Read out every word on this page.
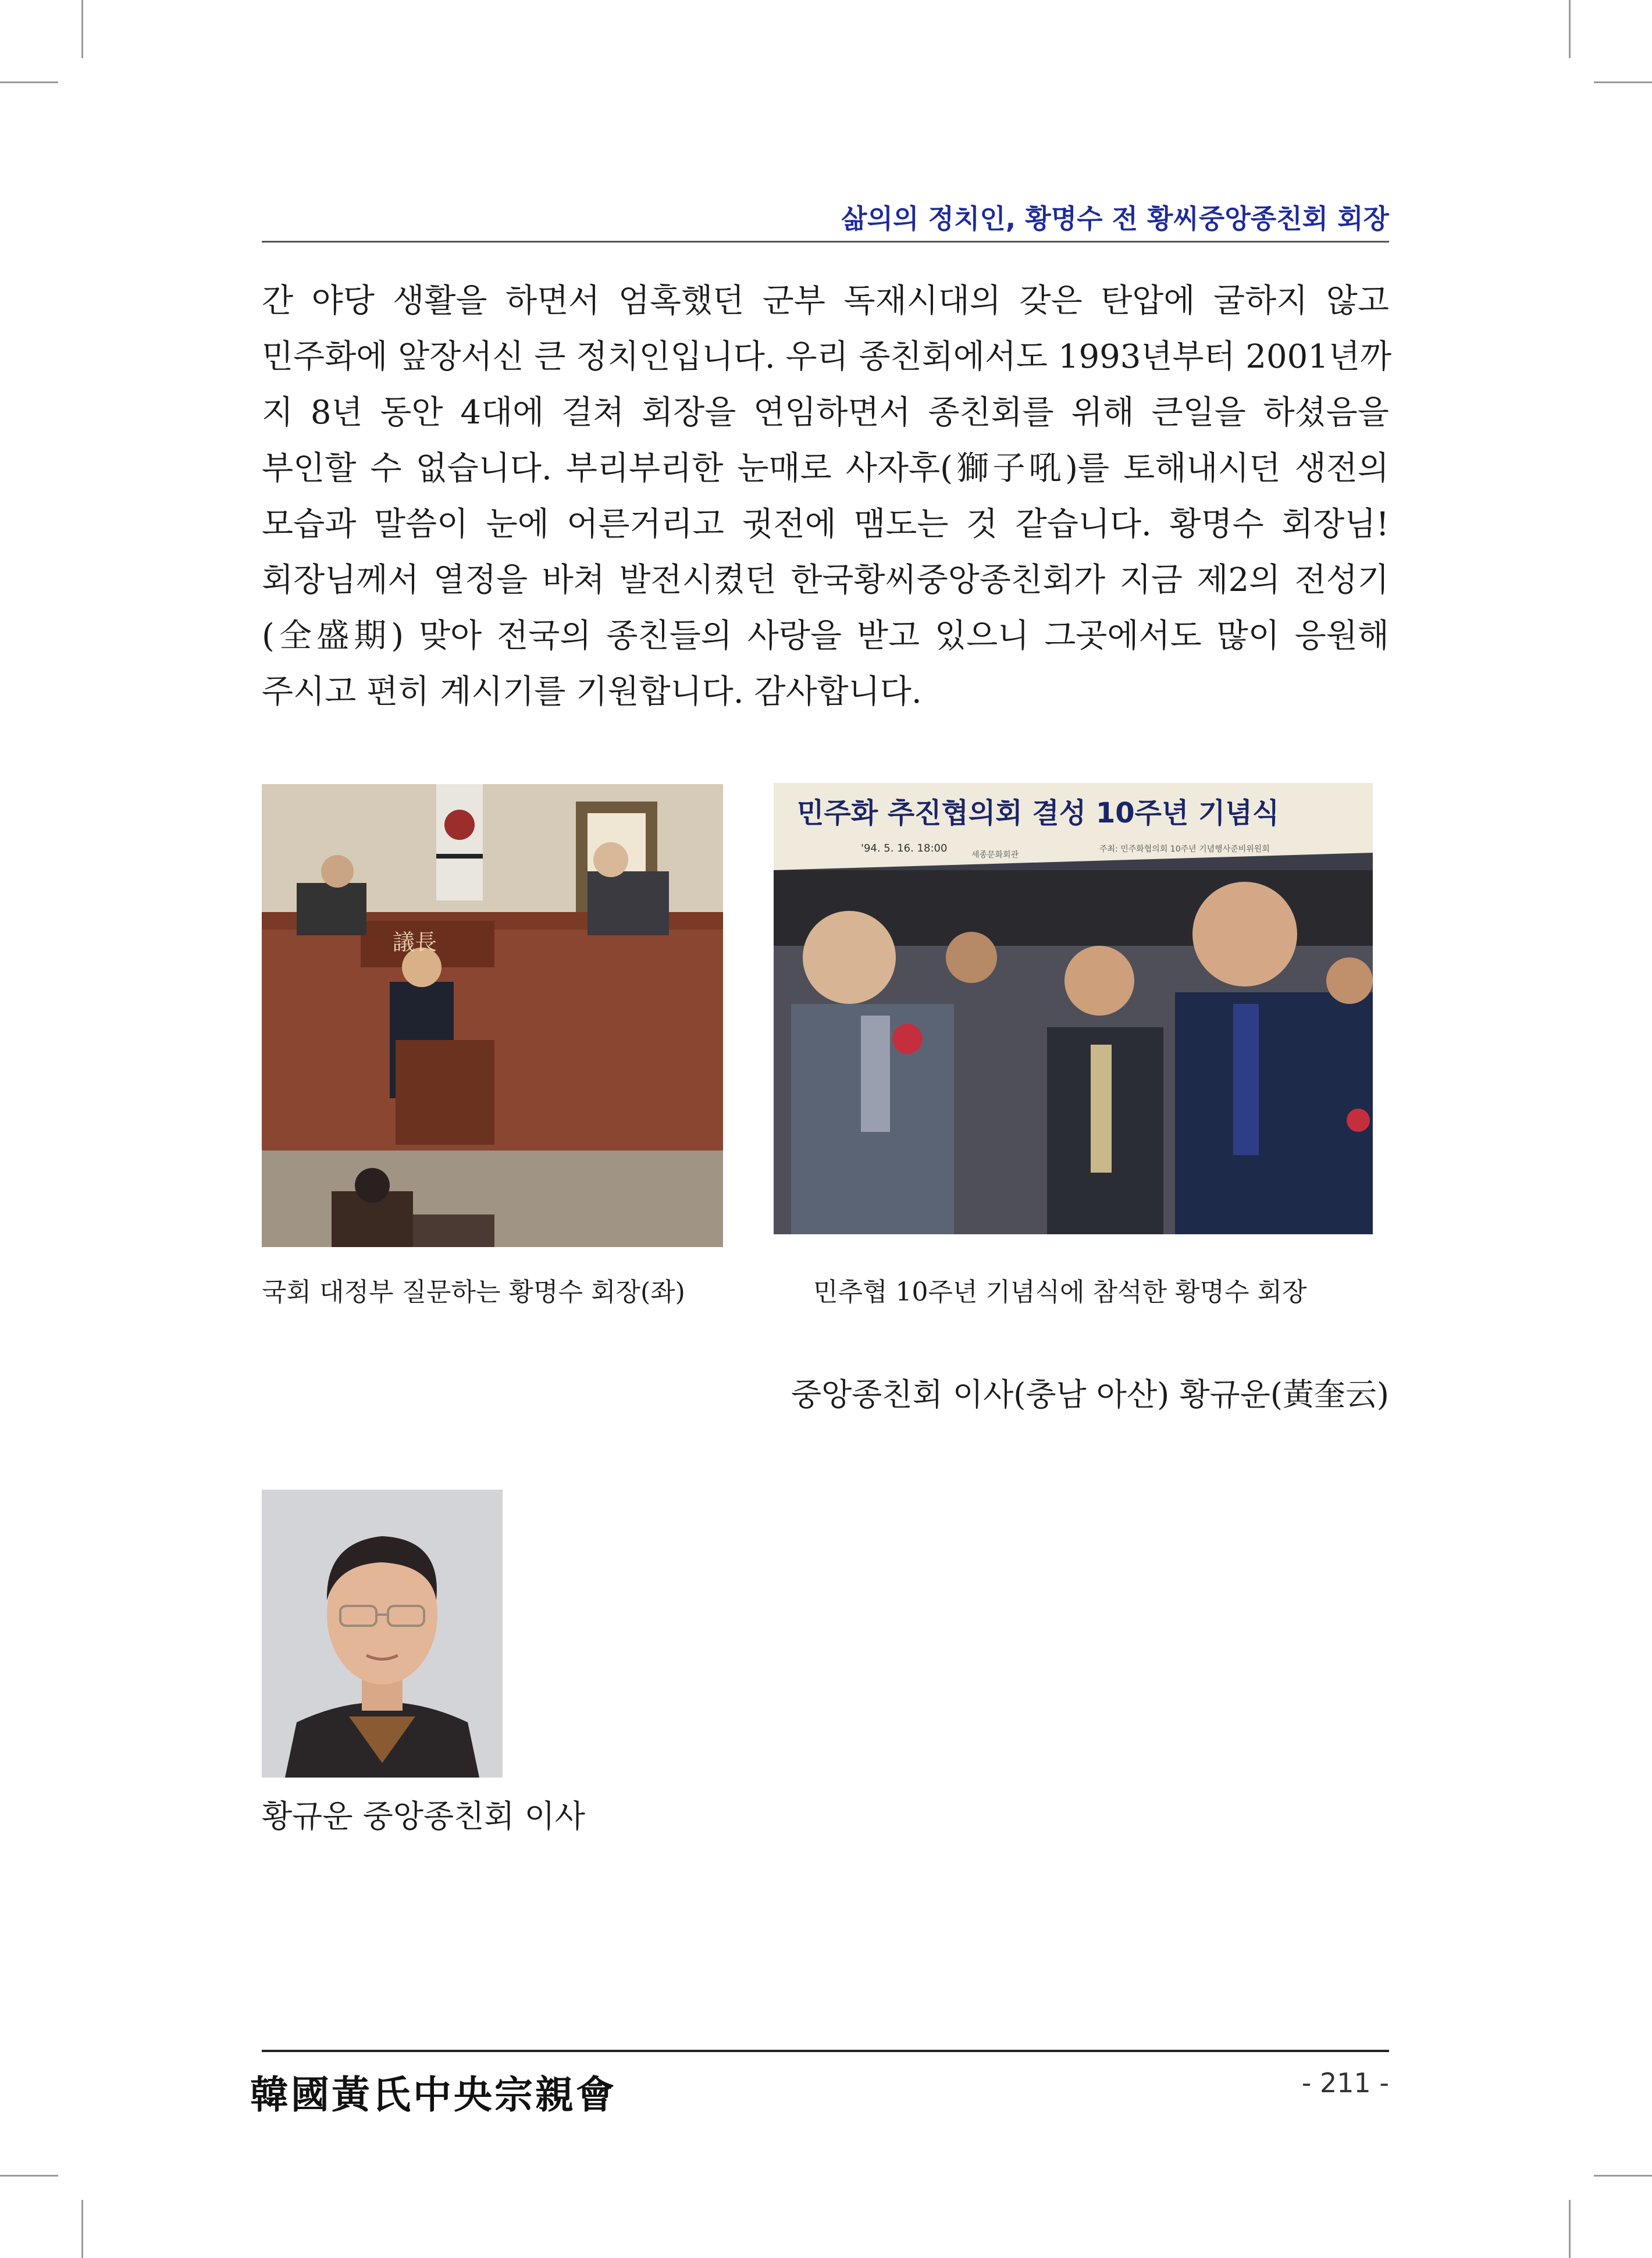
삶의의 정치인, 황명수 전 황씨중앙종친회 회장

간 야당 생활을 하면서 엄혹했던 군부 독재시대의 갖은 탄압에 굴하지 않고

민주화에 앞장서신 큰 정치인입니다. 우리 종친회에서도 1993년부터 2001년까

지 8년 동안 4대에 걸쳐 회장을 연임하면서 종친회를 위해 큰일을 하셨음을

부인할 수 없습니다. 부리부리한 눈매로 사자후(獅子吼)를 토해내시던 생전의

모습과 말씀이 눈에 어른거리고 귓전에 맴도는 것 같습니다. 황명수 회장님!

회장님께서 열정을 바쳐 발전시켰던 한국황씨중앙종친회가 지금 제2의 전성기

(全盛期) 맞아 전국의 종친들의 사랑을 받고 있으니 그곳에서도 많이 응원해

주시고 편히 계시기를 기원합니다. 감사합니다.

議長
민주화 추진협의회 결성 10주년 기념식
'94. 5. 16. 18:00
세종문화회관
주최: 민주화협의회 10주년 기념행사준비위원회
국회 대정부 질문하는 황명수 회장(좌)	민추협 10주년 기념식에 참석한 황명수 회장
중앙종친회 이사(충남 아산) 황규운(黃奎云)
황규운 중앙종친회 이사
韓國黃氏中央宗親會	- 211 -
